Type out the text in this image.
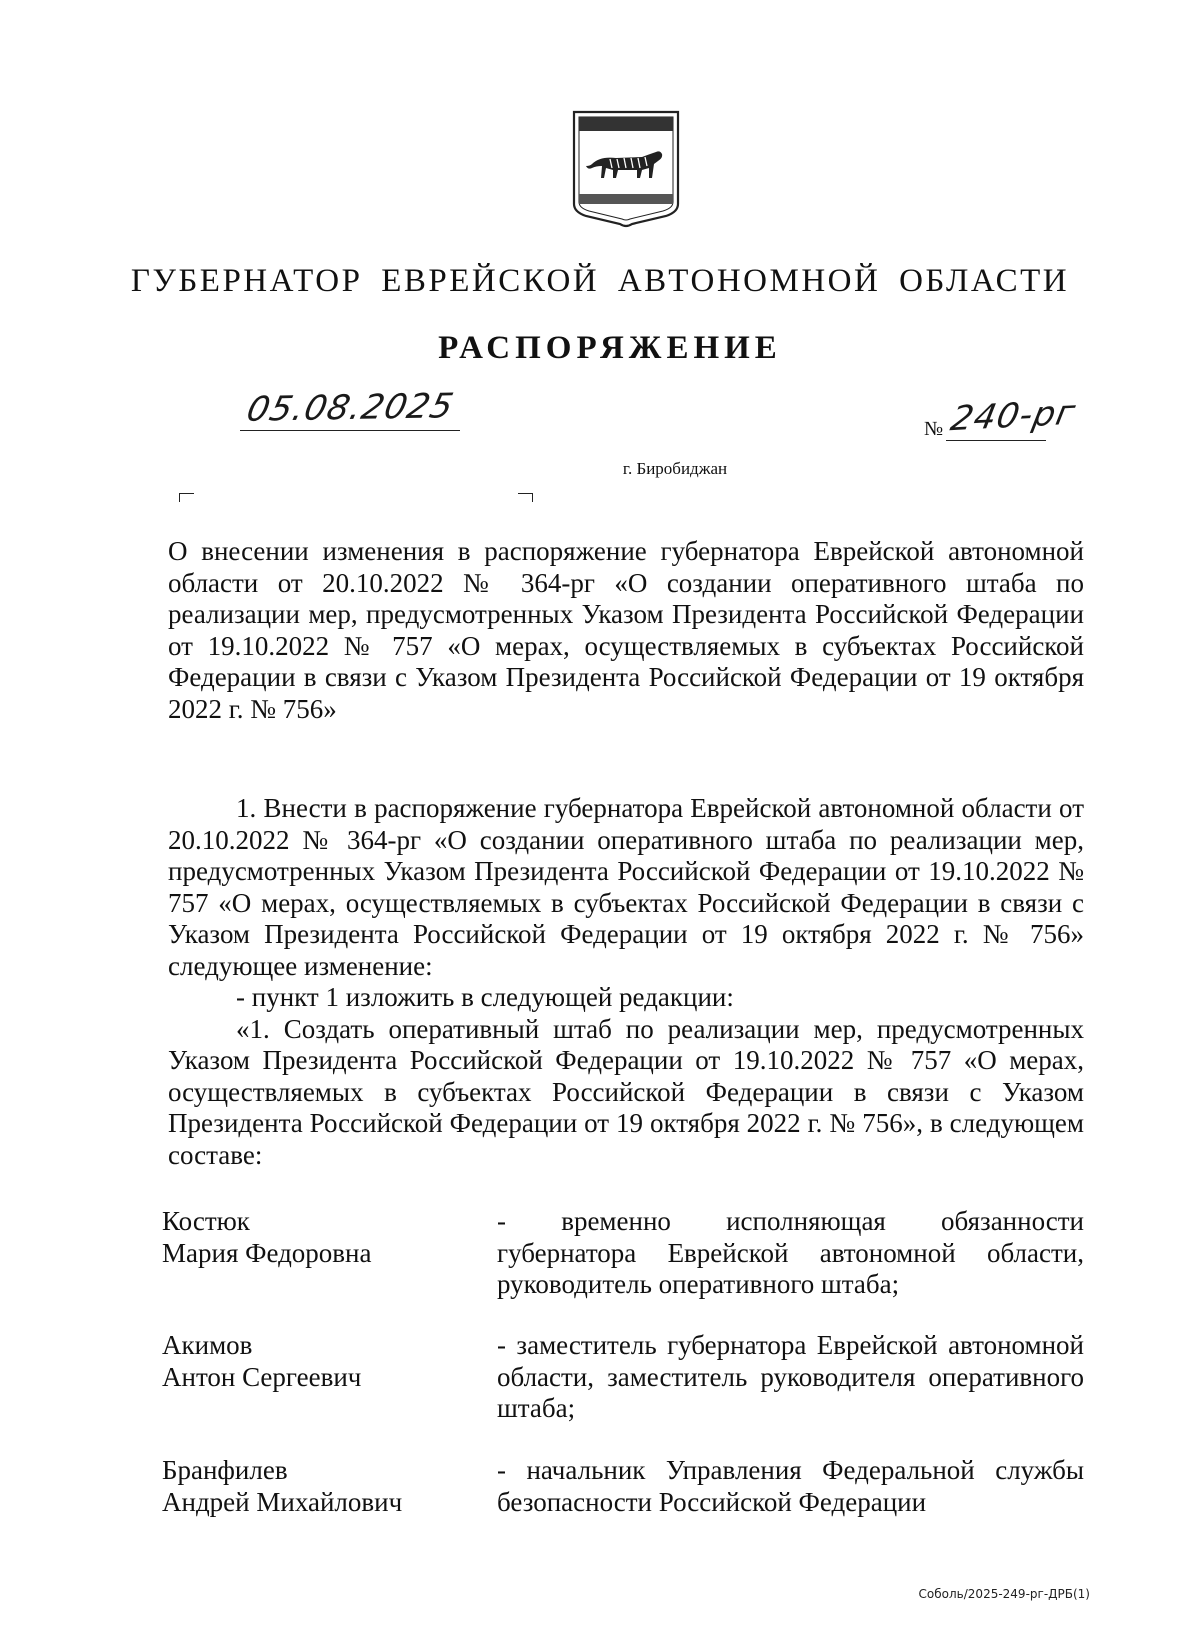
ГУБЕРНАТОР ЕВРЕЙСКОЙ АВТОНОМНОЙ ОБЛАСТИ
РАСПОРЯЖЕНИЕ
05.08.2025	№ 240-рг
г. Биробиджан
О внесении изменения в распоряжение губернатора Еврейской автономной области от 20.10.2022 № 364-рг «О создании оперативного штаба по реализации мер, предусмотренных Указом Президента Российской Федерации от 19.10.2022 № 757 «О мерах, осуществляемых в субъектах Российской Федерации в связи с Указом Президента Российской Федерации от 19 октября 2022 г. № 756»

1. Внести в распоряжение губернатора Еврейской автономной области от 20.10.2022 № 364-рг «О создании оперативного штаба по реализации мер, предусмотренных Указом Президента Российской Федерации от 19.10.2022 № 757 «О мерах, осуществляемых в субъектах Российской Федерации в связи с Указом Президента Российской Федерации от 19 октября 2022 г. № 756» следующее изменение:

- пункт 1 изложить в следующей редакции:

«1. Создать оперативный штаб по реализации мер, предусмотренных Указом Президента Российской Федерации от 19.10.2022 № 757 «О мерах, осуществляемых в субъектах Российской Федерации в связи с Указом Президента Российской Федерации от 19 октября 2022 г. № 756», в следующем составе:

Костюк
Мария Федоровна
- временно исполняющая обязанности губернатора Еврейской автономной области, руководитель оперативного штаба;
Акимов
Антон Сергеевич
- заместитель губернатора Еврейской автономной области, заместитель руководителя оперативного штаба;
Бранфилев
Андрей Михайлович
- начальник Управления Федеральной службы безопасности Российской Федерации
Соболь/2025-249-рг-ДРБ(1)
